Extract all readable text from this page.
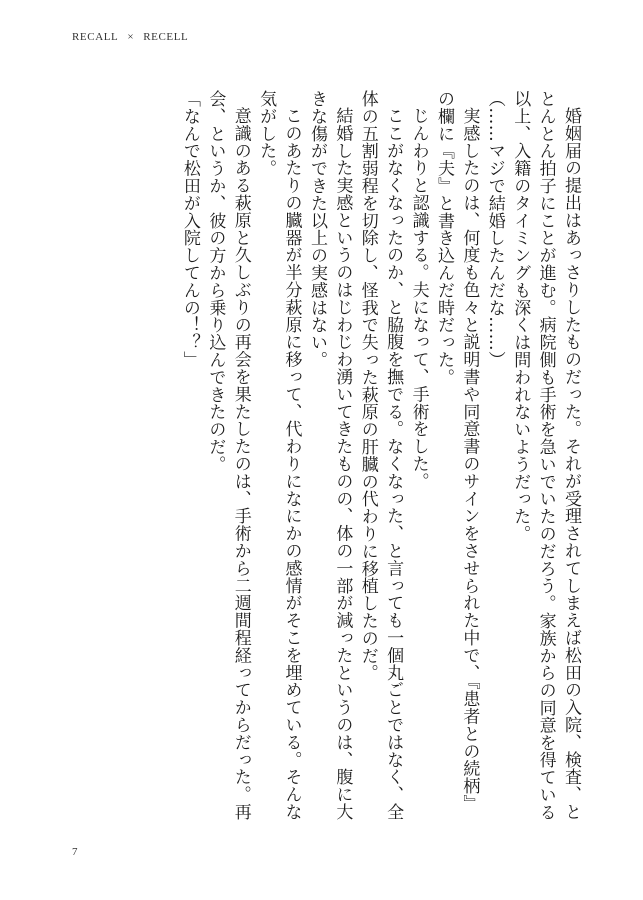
RECALL × RECELL

婚姻届の提出はあっさりしたものだった。それが受理されてしまえば松田の入院、検査、ととんとん拍子にことが進む。病院側も手術を急いでいたのだろう。家族からの同意を得ている以上、入籍のタイミングも深くは問われないようだった。

（……マジで結婚したんだな……）

実感したのは、何度も色々と説明書や同意書のサインをさせられた中で、『患者との続柄』の欄に『夫』と書き込んだ時だった。

じんわりと認識する。夫になって、手術をした。

ここがなくなったのか、と脇腹を撫でる。なくなった、と言っても一個丸ごとではなく、全体の五割弱程を切除し、怪我で失った萩原の肝臓の代わりに移植したのだ。

結婚した実感というのはじわじわ湧いてきたものの、体の一部が減ったというのは、腹に大きな傷ができた以上の実感はない。

このあたりの臓器が半分萩原に移って、代わりになにかの感情がそこを埋めている。そんな気がした。

意識のある萩原と久しぶりの再会を果たしたのは、手術から二週間程経ってからだった。再会、というか、彼の方から乗り込んできたのだ。

「なんで松田が入院してんの！？」

7
